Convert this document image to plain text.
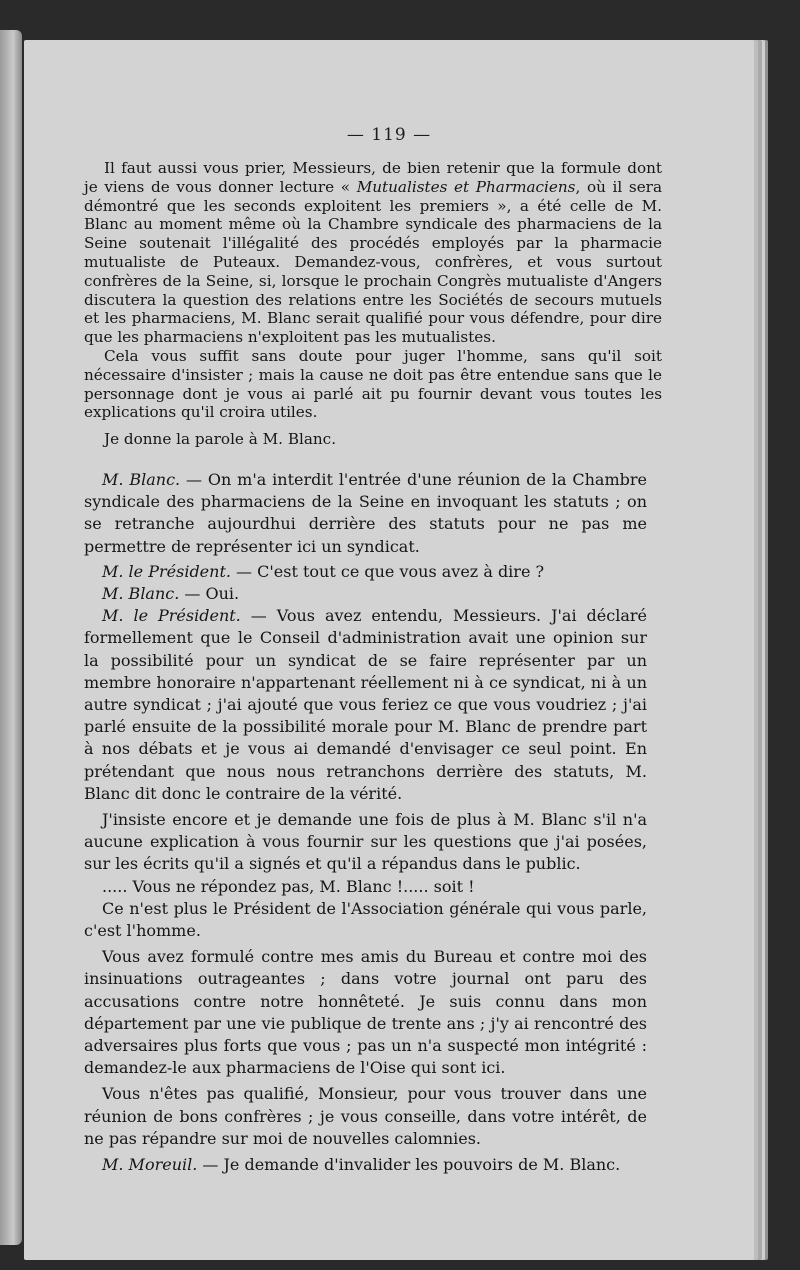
— 119 —

Il faut aussi vous prier, Messieurs, de bien retenir que la formule dont je viens de vous donner lecture « Mutualistes et Pharmaciens, où il sera démontré que les seconds exploitent les premiers », a été celle de M. Blanc au moment même où la Chambre syndicale des pharmaciens de la Seine soutenait l'illégalité des procédés employés par la pharmacie mutualiste de Puteaux. Demandez-vous, confrères, et vous surtout confrères de la Seine, si, lorsque le prochain Congrès mutualiste d'Angers discutera la question des relations entre les Sociétés de secours mutuels et les pharmaciens, M. Blanc serait qualifié pour vous défendre, pour dire que les pharmaciens n'exploitent pas les mutualistes.

Cela vous suffit sans doute pour juger l'homme, sans qu'il soit nécessaire d'insister ; mais la cause ne doit pas être entendue sans que le personnage dont je vous ai parlé ait pu fournir devant vous toutes les explications qu'il croira utiles.

Je donne la parole à M. Blanc.

M. Blanc. — On m'a interdit l'entrée d'une réunion de la Chambre syndicale des pharmaciens de la Seine en invoquant les statuts ; on se retranche aujourdhui derrière des statuts pour ne pas me permettre de représenter ici un syndicat.

M. le Président. — C'est tout ce que vous avez à dire ?

M. Blanc. — Oui.

M. le Président. — Vous avez entendu, Messieurs. J'ai déclaré formellement que le Conseil d'administration avait une opinion sur la possibilité pour un syndicat de se faire représenter par un membre honoraire n'appartenant réellement ni à ce syndicat, ni à un autre syndicat ; j'ai ajouté que vous feriez ce que vous voudriez ; j'ai parlé ensuite de la possibilité morale pour M. Blanc de prendre part à nos débats et je vous ai demandé d'envisager ce seul point. En prétendant que nous nous retranchons derrière des statuts, M. Blanc dit donc le contraire de la vérité.

J'insiste encore et je demande une fois de plus à M. Blanc s'il n'a aucune explication à vous fournir sur les questions que j'ai posées, sur les écrits qu'il a signés et qu'il a répandus dans le public.

..... Vous ne répondez pas, M. Blanc !..... soit !

Ce n'est plus le Président de l'Association générale qui vous parle, c'est l'homme.

Vous avez formulé contre mes amis du Bureau et contre moi des insinuations outrageantes ; dans votre journal ont paru des accusations contre notre honnêteté. Je suis connu dans mon département par une vie publique de trente ans ; j'y ai rencontré des adversaires plus forts que vous ; pas un n'a suspecté mon intégrité : demandez-le aux pharmaciens de l'Oise qui sont ici.

Vous n'êtes pas qualifié, Monsieur, pour vous trouver dans une réunion de bons confrères ; je vous conseille, dans votre intérêt, de ne pas répandre sur moi de nouvelles calomnies.

M. Moreuil. — Je demande d'invalider les pouvoirs de M. Blanc.
